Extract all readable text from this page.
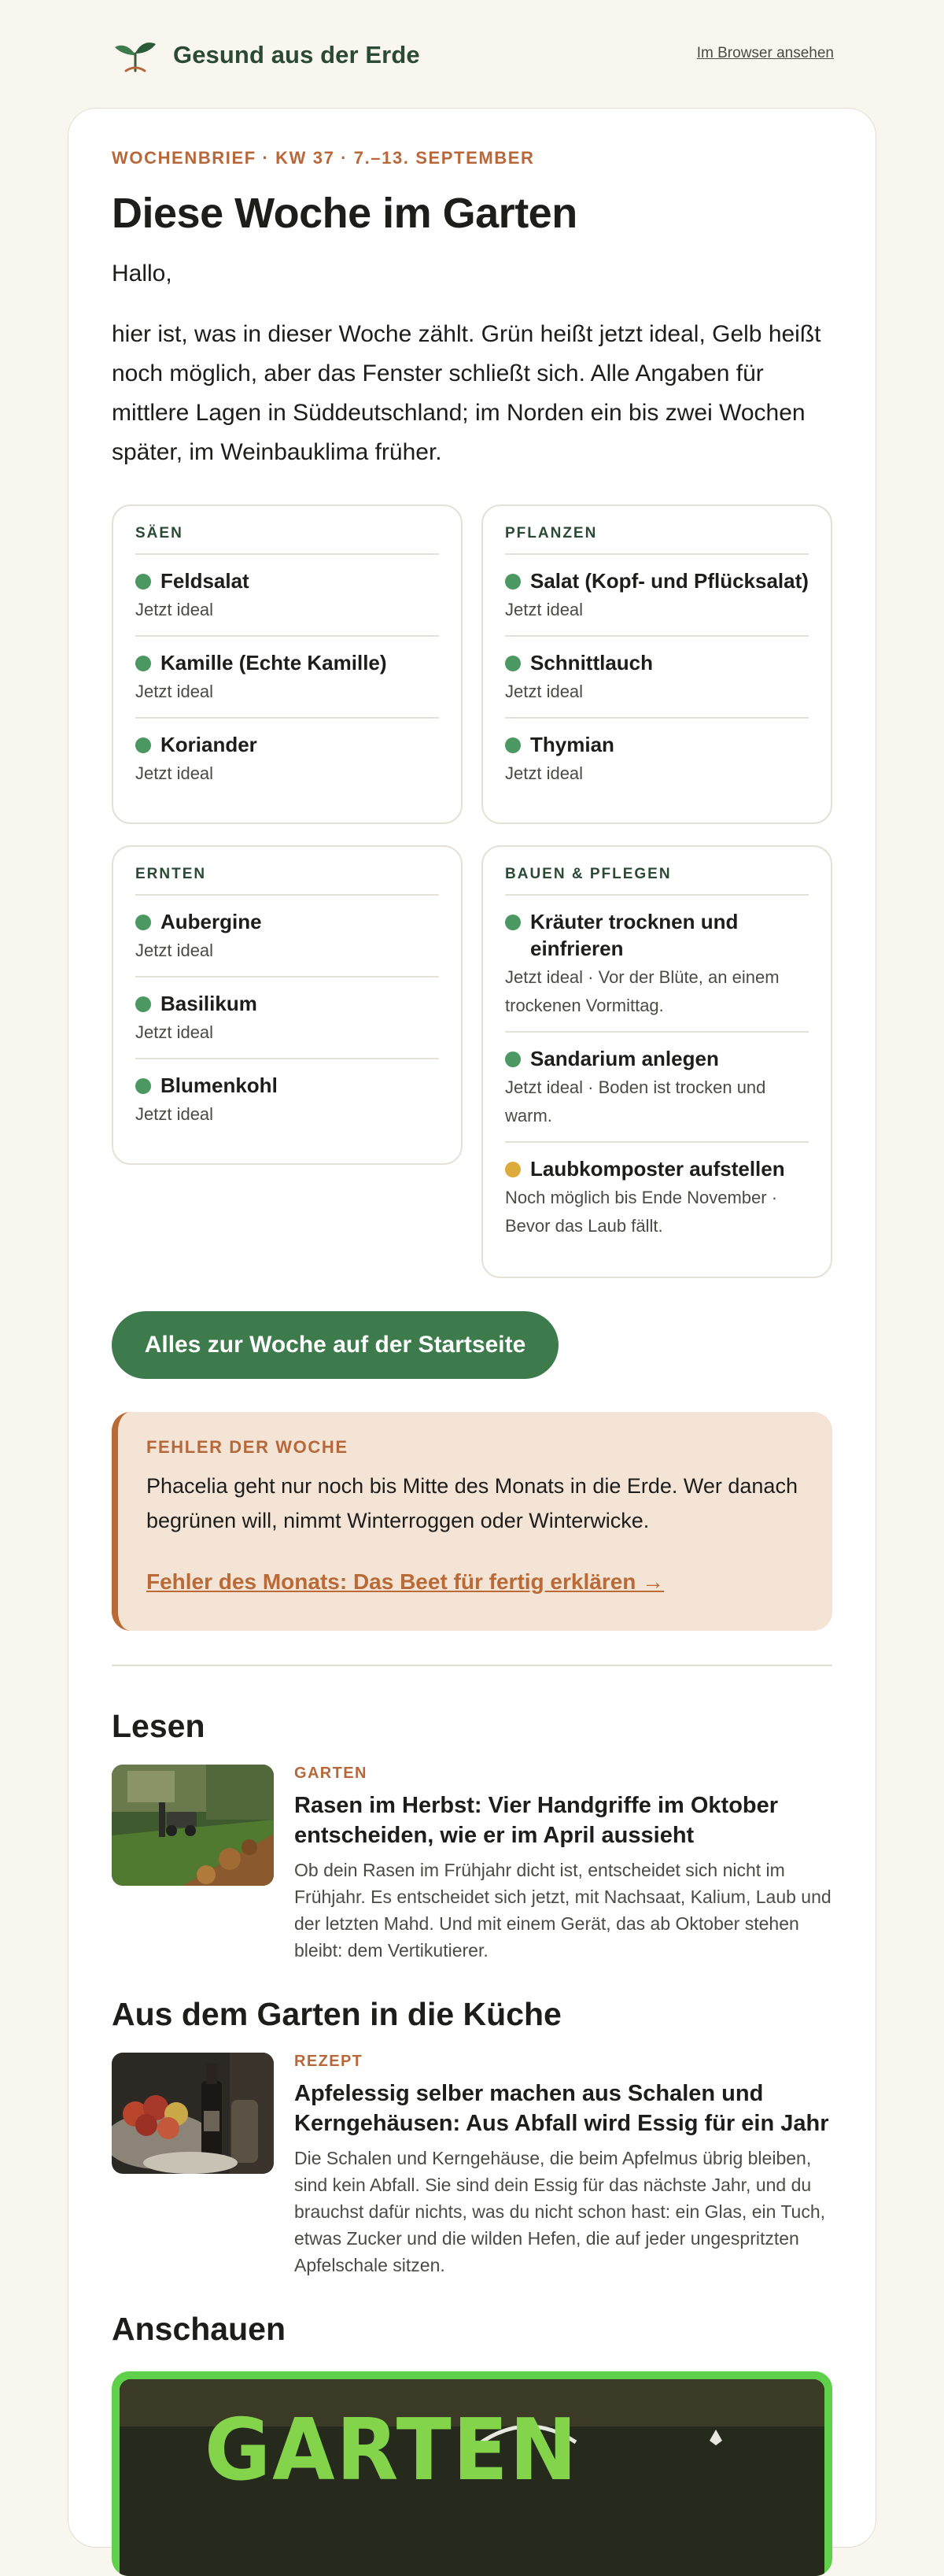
Gesund aus der Erde	Im Browser ansehen
WOCHENBRIEF · KW 37 · 7.–13. SEPTEMBER
Diese Woche im Garten

Hallo,

hier ist, was in dieser Woche zählt. Grün heißt jetzt ideal, Gelb heißt noch möglich, aber das Fenster schließt sich. Alle Angaben für mittlere Lagen in Süddeutschland; im Norden ein bis zwei Wochen später, im Weinbauklima früher.

SÄEN
Feldsalat
Jetzt ideal
Kamille (Echte Kamille)
Jetzt ideal
Koriander
Jetzt ideal
PFLANZEN
Salat (Kopf- und Pflücksalat)
Jetzt ideal
Schnittlauch
Jetzt ideal
Thymian
Jetzt ideal
ERNTEN
Aubergine
Jetzt ideal
Basilikum
Jetzt ideal
Blumenkohl
Jetzt ideal
BAUEN & PFLEGEN
Kräuter trocknen und einfrieren
Jetzt ideal · Vor der Blüte, an einem trockenen Vormittag.
Sandarium anlegen
Jetzt ideal · Boden ist trocken und warm.
Laubkomposter aufstellen
Noch möglich bis Ende November · Bevor das Laub fällt.
Alles zur Woche auf der Startseite
FEHLER DER WOCHE

Phacelia geht nur noch bis Mitte des Monats in die Erde. Wer danach begrünen will, nimmt Winterroggen oder Winterwicke.

Fehler des Monats: Das Beet für fertig erklären →
Lesen
GARTEN
Rasen im Herbst: Vier Handgriffe im Oktober entscheiden, wie er im April aussieht

Ob dein Rasen im Frühjahr dicht ist, entscheidet sich nicht im Frühjahr. Es entscheidet sich jetzt, mit Nachsaat, Kalium, Laub und der letzten Mahd. Und mit einem Gerät, das ab Oktober stehen bleibt: dem Vertikutierer.

Aus dem Garten in die Küche
REZEPT
Apfelessig selber machen aus Schalen und Kerngehäusen: Aus Abfall wird Essig für ein Jahr

Die Schalen und Kerngehäuse, die beim Apfelmus übrig bleiben, sind kein Abfall. Sie sind dein Essig für das nächste Jahr, und du brauchst dafür nichts, was du nicht schon hast: ein Glas, ein Tuch, etwas Zucker und die wilden Hefen, die auf jeder ungespritzten Apfelschale sitzen.

Anschauen
GARTEN
